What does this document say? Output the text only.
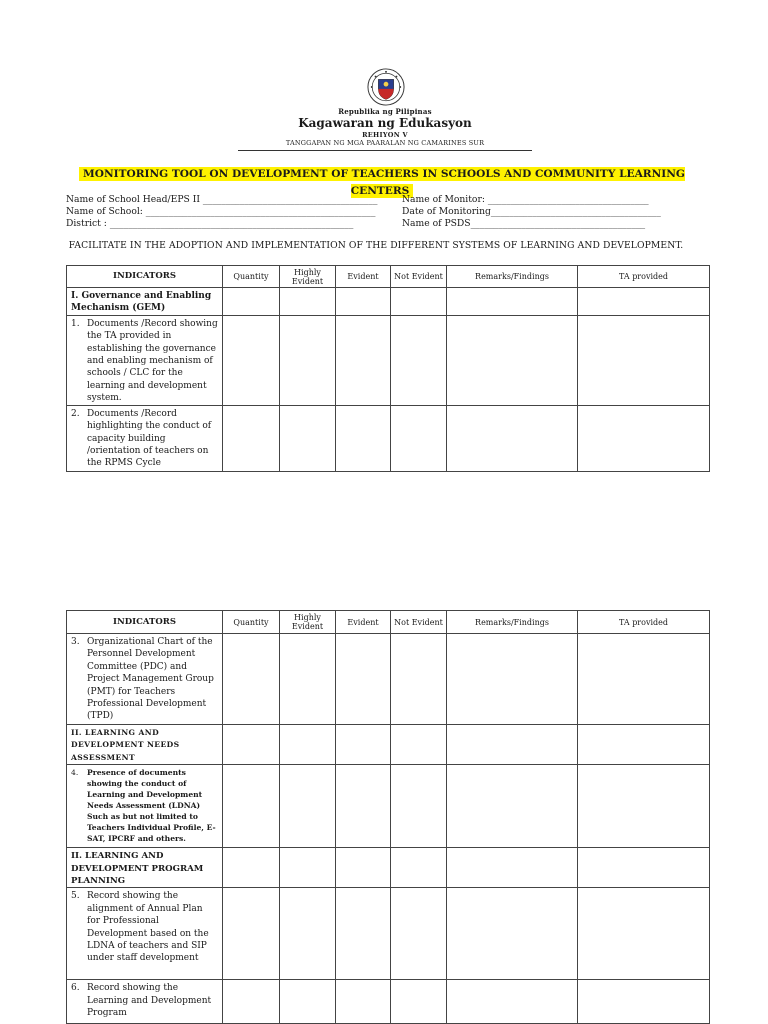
Republika ng Pilipinas
Kagawaran ng Edukasyon
REHIYON V
TANGGAPAN NG MGA PAARALAN NG CAMARINES SUR
MONITORING TOOL ON DEVELOPMENT OF TEACHERS IN SCHOOLS AND COMMUNITY LEARNING CENTERS
Name of School Head/EPS II ______________________________________	Name of Monitor: ___________________________________
Name of School: __________________________________________________	Date of Monitoring_____________________________________
District : _____________________________________________________	Name of PSDS______________________________________
FACILITATE IN THE ADOPTION AND IMPLEMENTATION OF THE DIFFERENT SYSTEMS OF LEARNING AND DEVELOPMENT.
INDICATORS	Quantity	Highly Evident	Evident	Not Evident	Remarks/Findings	TA provided
I. Governance and Enabling Mechanism (GEM)						

1. Documents /Record showing the TA provided in establishing the governance and enabling mechanism of schools / CLC for the learning and development system.						

2. Documents /Record highlighting the conduct of capacity building /orientation of teachers on the RPMS Cycle						

INDICATORS	Quantity	Highly Evident	Evident	Not Evident	Remarks/Findings	TA provided

3. Organizational Chart of the Personnel Development Committee (PDC) and Project Management Group (PMT) for Teachers Professional Development (TPD)						

II. LEARNING AND DEVELOPMENT NEEDS ASSESSMENT						

4. Presence of documents showing the conduct of Learning and Development Needs Assessment (LDNA) Such as but not limited to Teachers Individual Profile, E-SAT, IPCRF and others.						

II. LEARNING AND DEVELOPMENT PROGRAM PLANNING						

5. Record showing the alignment of Annual Plan for Professional Development based on the LDNA of teachers and SIP under staff development						

6. Record showing the Learning and Development Program						
